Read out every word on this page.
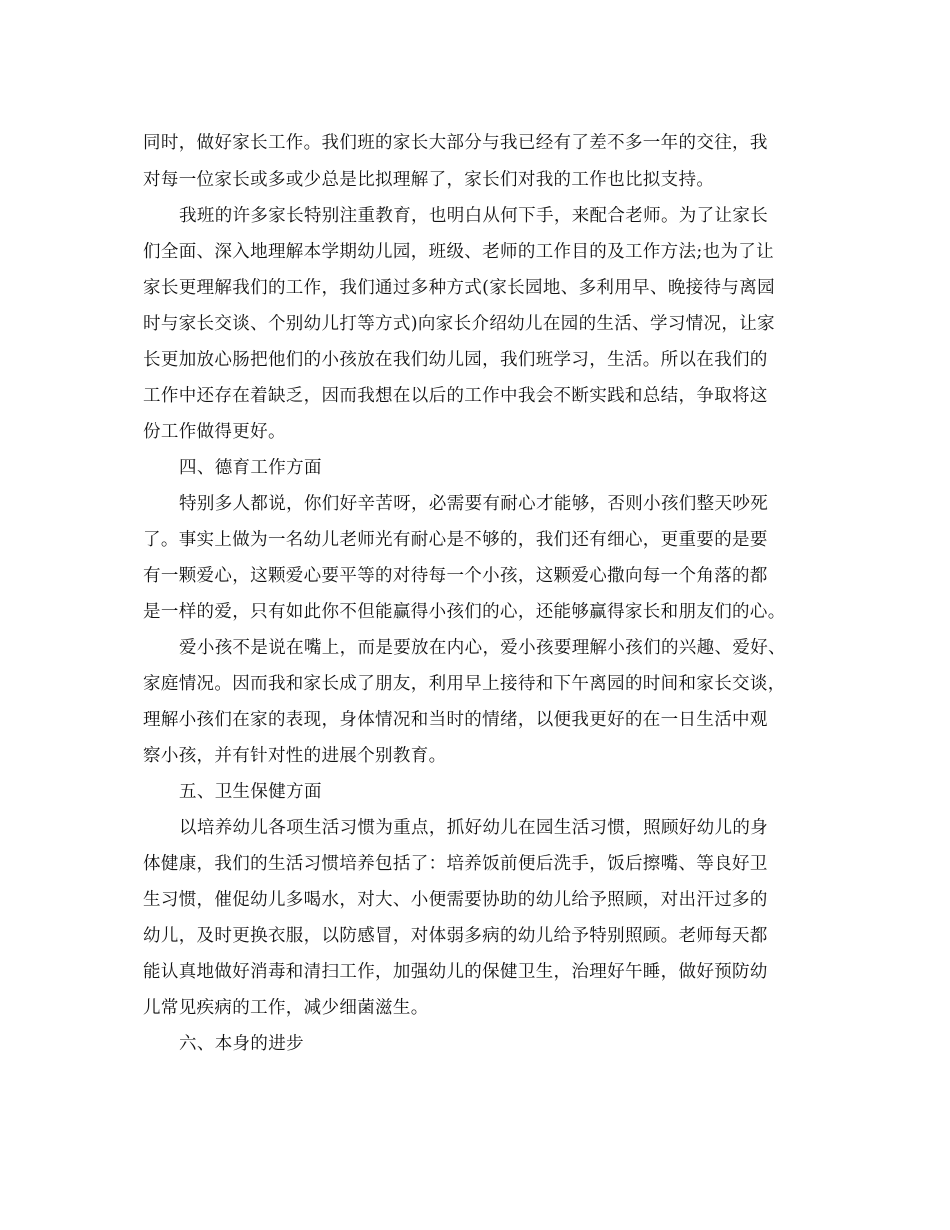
同时，做好家长工作。我们班的家长大部分与我已经有了差不多一年的交往，我
对每一位家长或多或少总是比拟理解了，家长们对我的工作也比拟支持。
我班的许多家长特别注重教育，也明白从何下手，来配合老师。为了让家长
们全面、深入地理解本学期幼儿园，班级、老师的工作目的及工作方法;也为了让
家长更理解我们的工作，我们通过多种方式(家长园地、多利用早、晚接待与离园
时与家长交谈、个别幼儿打等方式)向家长介绍幼儿在园的生活、学习情况，让家
长更加放心肠把他们的小孩放在我们幼儿园，我们班学习，生活。所以在我们的
工作中还存在着缺乏，因而我想在以后的工作中我会不断实践和总结，争取将这
份工作做得更好。
四、德育工作方面
特别多人都说，你们好辛苦呀，必需要有耐心才能够，否则小孩们整天吵死
了。事实上做为一名幼儿老师光有耐心是不够的，我们还有细心，更重要的是要
有一颗爱心，这颗爱心要平等的对待每一个小孩，这颗爱心撒向每一个角落的都
是一样的爱，只有如此你不但能赢得小孩们的心，还能够赢得家长和朋友们的心。
爱小孩不是说在嘴上，而是要放在内心，爱小孩要理解小孩们的兴趣、爱好、
家庭情况。因而我和家长成了朋友，利用早上接待和下午离园的时间和家长交谈，
理解小孩们在家的表现，身体情况和当时的情绪，以便我更好的在一日生活中观
察小孩，并有针对性的进展个别教育。
五、卫生保健方面
以培养幼儿各项生活习惯为重点，抓好幼儿在园生活习惯，照顾好幼儿的身
体健康，我们的生活习惯培养包括了：培养饭前便后洗手，饭后擦嘴、等良好卫
生习惯，催促幼儿多喝水，对大、小便需要协助的幼儿给予照顾，对出汗过多的
幼儿，及时更换衣服，以防感冒，对体弱多病的幼儿给予特别照顾。老师每天都
能认真地做好消毒和清扫工作，加强幼儿的保健卫生，治理好午睡，做好预防幼
儿常见疾病的工作，减少细菌滋生。
六、本身的进步
